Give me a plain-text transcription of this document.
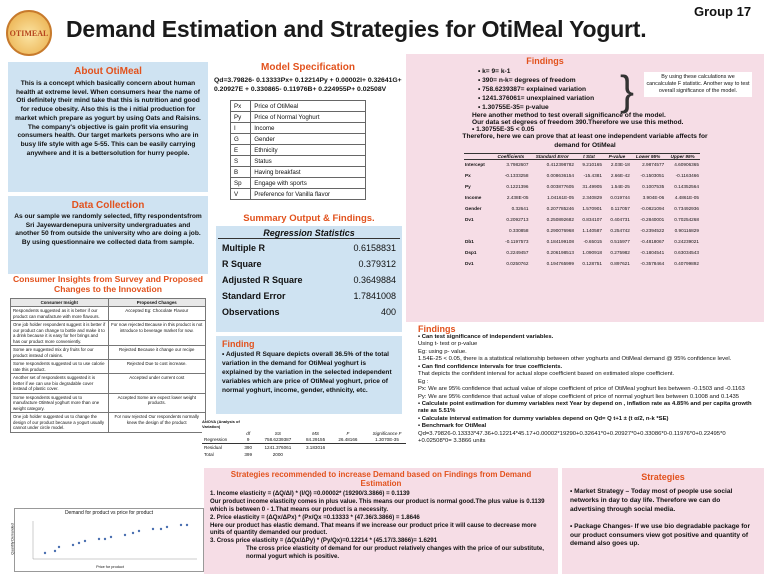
OTIMEAL Demand Estimation and Strategies for OtiMeal Yogurt.
Group 17
About OtiMeal
This is a concept which basically concern about human health at extreme level. When consumers hear the name of Oti definitely their mind take that this is nutrition and good for reduce obesity. Also this is the i nitial production for market which prepare as yogurt by using Oats and Raisins. The company's objective is gain profit via ensuring consumers health. Our target markets persons who are in busy life style with age 5-55. This can be easily carrying anywhere and it is a bettersolution for hurry people.
Data Collection
As our sample we randomly selected, fifty respondentsfrom Sri Jayewardenepura university undergraduates and another 50 from outside the university who are doing a job. By using questionnaire we collected data from sample.
Consumer Insights from Survey and Proposed Changes to the Innovation
Consumer Insight	Proposed Changes
Respondents suggested as it is better if our product can manufacture with more flavours.	Accepted Eg: Chocolate Flavour
One job holder respondent suggest it is better if our product can change to bottle and make it to a drink because it is easy for her brings and has our product more conveniently.	For now rejected Because in this product is not introduce to beverage market for now.
Some are suggested mix dry fruits for our product instead of raisins.	Rejected Because it change our recipe
Some respondents suggested us to use calorie rate this product.	Rejected Due to cost increase.
Another set of respondents suggested it is better if we can use bio degradable cover instead of plastic cover.	Accepted under current cost
Some respondents suggested us to manufacture OtiMeal yoghurt more than one weight category.	Accepted Some are expect lower weight products.
One job holder suggested us to change the design of our product because a yogurt usually cannot under circle model.	For now rejected Our respondents normally knew the design of the product
Demand for product vs price for product
Quantity Demanded
Price for product
Model Specification
Qd=3.79826- 0.13333Px+ 0.12214Py + 0.00002I+ 0.32641G+ 0.20927E + 0.330865- 0.11976B+ 0.224955P+ 0.02508V
Px	Price of OtiMeal
Py	Price of Normal Yoghurt
I	Income
G	Gender
E	Ethnicity
S	Status
B	Having breakfast
Sp	Engage with sports
V	Preference for Vanilla flavor
Summary Output & Findings.
Regression Statistics
Multiple R	0.6158831
R Square	0.379312
Adjusted R Square	0.3649884
Standard Error	1.7841008
Observations	400
Finding
• Adjusted R Square depicts overall 36.5% of the total variation in the demand for OtiMeal yoghurt is explained by the variation in the selected independent variables which are price of OtiMeal yoghurt, price of normal yoghurt, income, gender, ethnicity, etc.
ANOVA (Analysis of Variation)
	df	SS	MS	F	Significance F
Regression	9	758.6239387	84.29155	26.48166	1.3070E-35
Residual	390	1241.376061	3.183016		
Total	399	2000			
Findings
• k= 9= k-1
• 390= n-k= degrees of freedom
• 758.6239387= explained variation
• 1241.376061= unexplained variation
• 1.30755E-35= p-value	}	By using these calculations we cancalculate F statistic. Another way to test overall significance of the model.
Here another method to test overall significance of the model.
Our data set degrees of freedom 390.Therefore we use this method.
• 1.30755E-35 < 0.05
Therefore, here we can prove that at least one independent variable affects for demand for OtiMeal
	Coefficients	Standard Error	t Stat	P-value	Lower 95%	Upper 95%
Intercept	3.7982607	0.412398782	9.210165	2.03E-18	2.9874577	4.60906365
Px	-0.1333258	0.008636154	-15.4381	2.66E-42	-0.1503051	-0.1163466
Py	0.1221396	0.003877605	31.49905	1.54E-25	0.1007535	0.14352564
Income	2.438E-05	1.04161E-05	2.340829	0.019744	3.904E-06	4.4861E-05
Gender	0.32641	0.207785246	1.570901	0.117057	-0.0821094	0.73492936
Dv1	0.2092713	0.250892682	0.834107	0.404731	-0.2840001	0.70254268
	0.330858	0.290076968	1.140587	0.254742	-0.2394522	0.90116829
Db1	-0.1197573	0.184199108	-0.65015	0.515977	-0.4818067	0.24239021
Dsp1	0.2249457	0.206198513	1.090918	0.275982	-0.1804541	0.63034543
Dv1	0.0250762	0.194765999	0.128751	0.897621	-0.3578464	0.40799892
Findings
• Can test significance of independent variables.
Using t- test or p-value
Eg: using p- value.
1.54E-25 < 0.05, there is a statistical relationship between other yoghurts and OtiMeal demand @ 95% confidence level.
• Can find confidence intervals for true coefficients.
That depicts the confident interval for actual slope coefficient based on estimated slope coefficient.
Eg :
Px: We are 95% confidence that actual value of slope coefficient of price of OtiMeal yoghurt lies between -0.1503 and -0.1163
Py: We are 95% confidence that actual value of slope coefficient of price of normal yoghurt lies between 0.1008 and 0.1435
• Calculate point estimation for dummy variables next Year by depend on , inflation rate as 4.85% and per capita growth rate as 5.51%
• Calculate interval estimation for dummy variables depend on Qd= Q t+1 ± (t α/2, n-k *SE)
• Benchmark for OtiMeal
Qd=3.79826-0.13333*47.36+0.12214*45.17+0.00002*19290+0.32641*0+0.20927*0+0.33086*0-0.11976*0+0.22495*0 +0.02508*0= 3.3866 units
Strategies recommended to increase Demand based on Findings from Demand Estimation
1. Income elasticity = (ΔQ/ΔI) * (I/Q) =0.00002* (19290/3.3866) = 0.1139
Our product income elasticity comes in plus value. This means our product is normal good.The plus value is 0.1139 which is between 0 - 1.That means our product is a necessity.
2. Price elasticity = (ΔQx/ΔPx) * (Px/Qx =0.13333 * (47.36/3.3866) = 1.8646
Here our product has elastic demand. That means if we increase our product price it will cause to decrease more units of quantity demanded our product.
3. Cross price elasticity = (ΔQx/ΔPy) * (Py/Qx)=0.12214 * (45.17/3.3866)= 1.6291
The cross price elasticity of demand for our product relatively changes with the price of our substitute, normal yogurt which is positive.
Strategies
• Market Strategy – Today most of people use social networks in day to day life. Therefore we can do advertising through social media.
• Package Changes- If we use bio degradable package for our product consumers view got positive and quantity of demand also goes up.
